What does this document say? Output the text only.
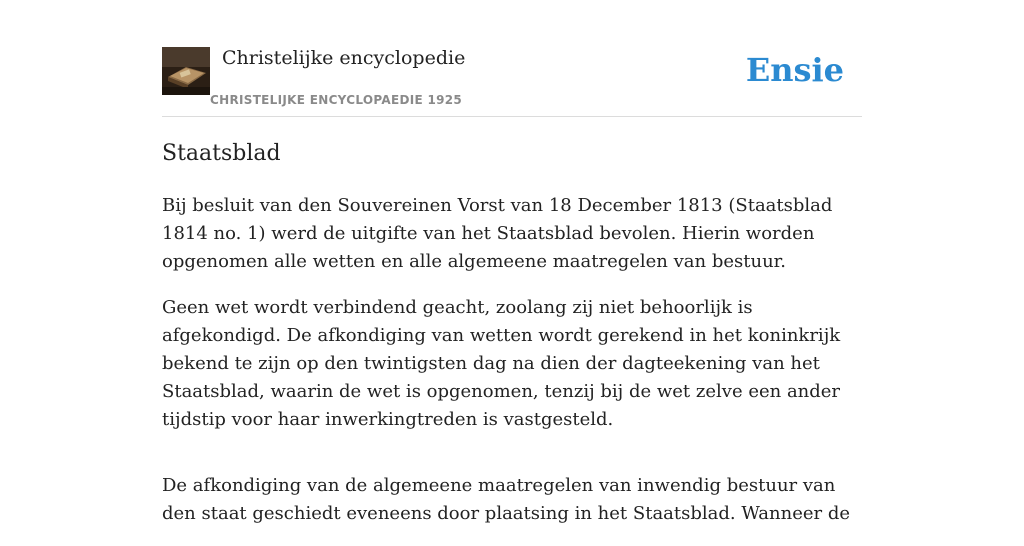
Christelijke encyclopedie
CHRISTELIJKE ENCYCLOPAEDIE 1925
Ensie
Staatsblad

Bij besluit van den Souvereinen Vorst van 18 December 1813 (Staatsblad 1814 no. 1) werd de uitgifte van het Staatsblad bevolen. Hierin worden opgenomen alle wetten en alle algemeene maatregelen van bestuur.

Geen wet wordt verbindend geacht, zoolang zij niet behoorlijk is afgekondigd. De afkondiging van wetten wordt gerekend in het koninkrijk bekend te zijn op den twintigsten dag na dien der dagteekening van het Staatsblad, waarin de wet is opgenomen, tenzij bij de wet zelve een ander tijdstip voor haar inwerkingtreden is vastgesteld.

De afkondiging van de algemeene maatregelen van inwendig bestuur van den staat geschiedt eveneens door plaatsing in het Staatsblad. Wanneer de
